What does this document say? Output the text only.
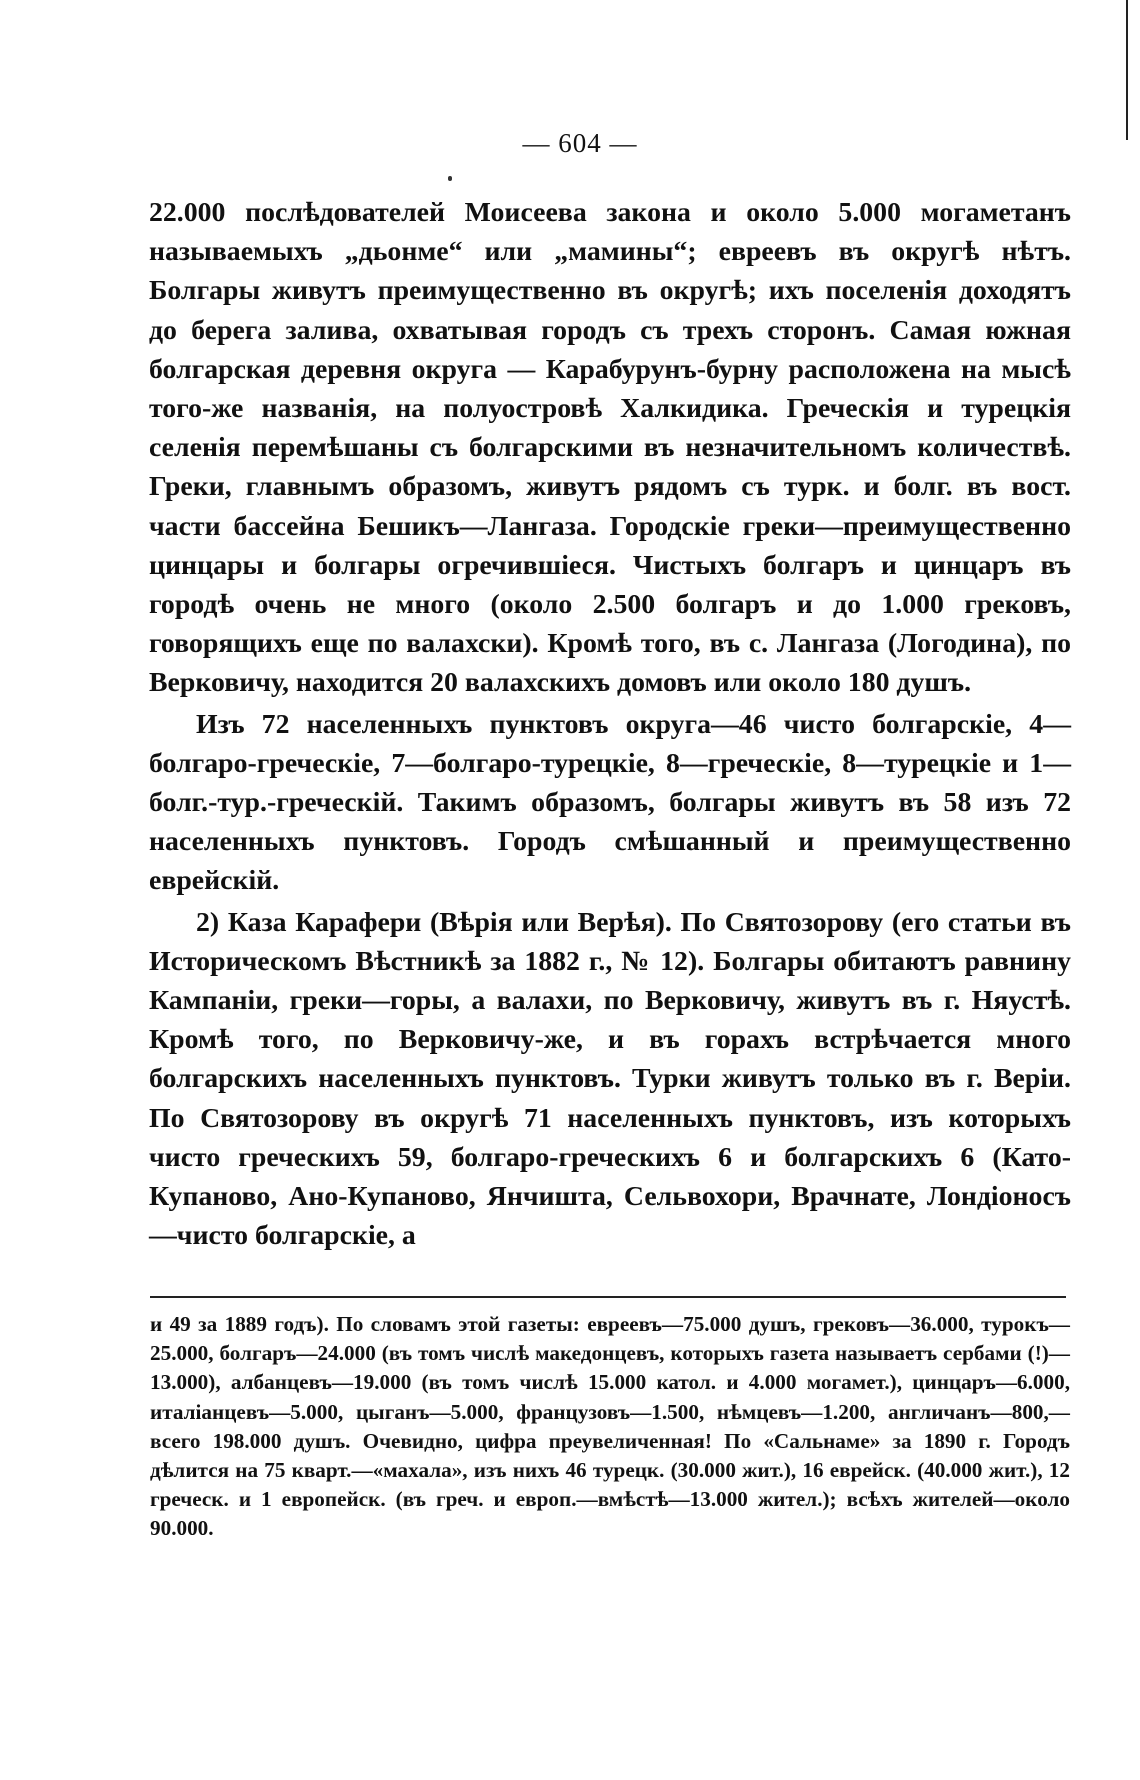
— 604 —

22.000 послѣдователей Моисеева закона и около 5.000 могаметанъ называемыхъ „дьонме“ или „мамины“; евреевъ въ округѣ нѣтъ. Болгары живутъ преимущественно въ округѣ; ихъ поселенія доходятъ до берега залива, охватывая городъ съ трехъ сторонъ. Самая южная болгарская деревня округа — Карабурунъ-бурну расположена на мысѣ того-же названія, на полуостровѣ Халкидика. Греческія и турецкія селенія перемѣшаны съ болгарскими въ незначительномъ количествѣ. Греки, главнымъ образомъ, живутъ рядомъ съ турк. и болг. въ вост. части бассейна Бешикъ—Лангаза. Городскіе греки—преимущественно цинцары и болгары огречившіеся. Чистыхъ болгаръ и цинцаръ въ городѣ очень не много (около 2.500 болгаръ и до 1.000 грековъ, говорящихъ еще по валахски). Кромѣ того, въ с. Лангаза (Логодина), по Верковичу, находится 20 валахскихъ домовъ или около 180 душъ.

Изъ 72 населенныхъ пунктовъ округа—46 чисто болгарскіе, 4—болгаро-греческіе, 7—болгаро-турецкіе, 8—греческіе, 8—турецкіе и 1—болг.-тур.-греческій. Такимъ образомъ, болгары живутъ въ 58 изъ 72 населенныхъ пунктовъ. Городъ смѣшанный и преимущественно еврейскій.

2) Каза Карафери (Вѣрія или Верѣя). По Святозорову (его статьи въ Историческомъ Вѣстникѣ за 1882 г., № 12). Болгары обитаютъ равнину Кампаніи, греки—горы, а валахи, по Верковичу, живутъ въ г. Няустѣ. Кромѣ того, по Верковичу-же, и въ горахъ встрѣчается много болгарскихъ населенныхъ пунктовъ. Турки живутъ только въ г. Веріи. По Святозорову въ округѣ 71 населенныхъ пунктовъ, изъ которыхъ чисто греческихъ 59, болгаро-греческихъ 6 и болгарскихъ 6 (Като-Купаново, Ано-Купаново, Янчишта, Сельвохори, Врачнате, Лондіоносъ—чисто болгарскіе, а

и 49 за 1889 годъ). По словамъ этой газеты: евреевъ—75.000 душъ, грековъ—36.000, турокъ—25.000, болгаръ—24.000 (въ томъ числѣ македонцевъ, которыхъ газета называетъ сербами (!)—13.000), албанцевъ—19.000 (въ томъ числѣ 15.000 катол. и 4.000 могамет.), цинцаръ—6.000, италіанцевъ—5.000, цыганъ—5.000, французовъ—1.500, нѣмцевъ—1.200, англичанъ—800,—всего 198.000 душъ. Очевидно, цифра преувеличенная! По «Сальнаме» за 1890 г. Городъ дѣлится на 75 кварт.—«махала», изъ нихъ 46 турецк. (30.000 жит.), 16 еврейск. (40.000 жит.), 12 греческ. и 1 европейск. (въ греч. и европ.—вмѣстѣ—13.000 жител.); всѣхъ жителей—около 90.000.
